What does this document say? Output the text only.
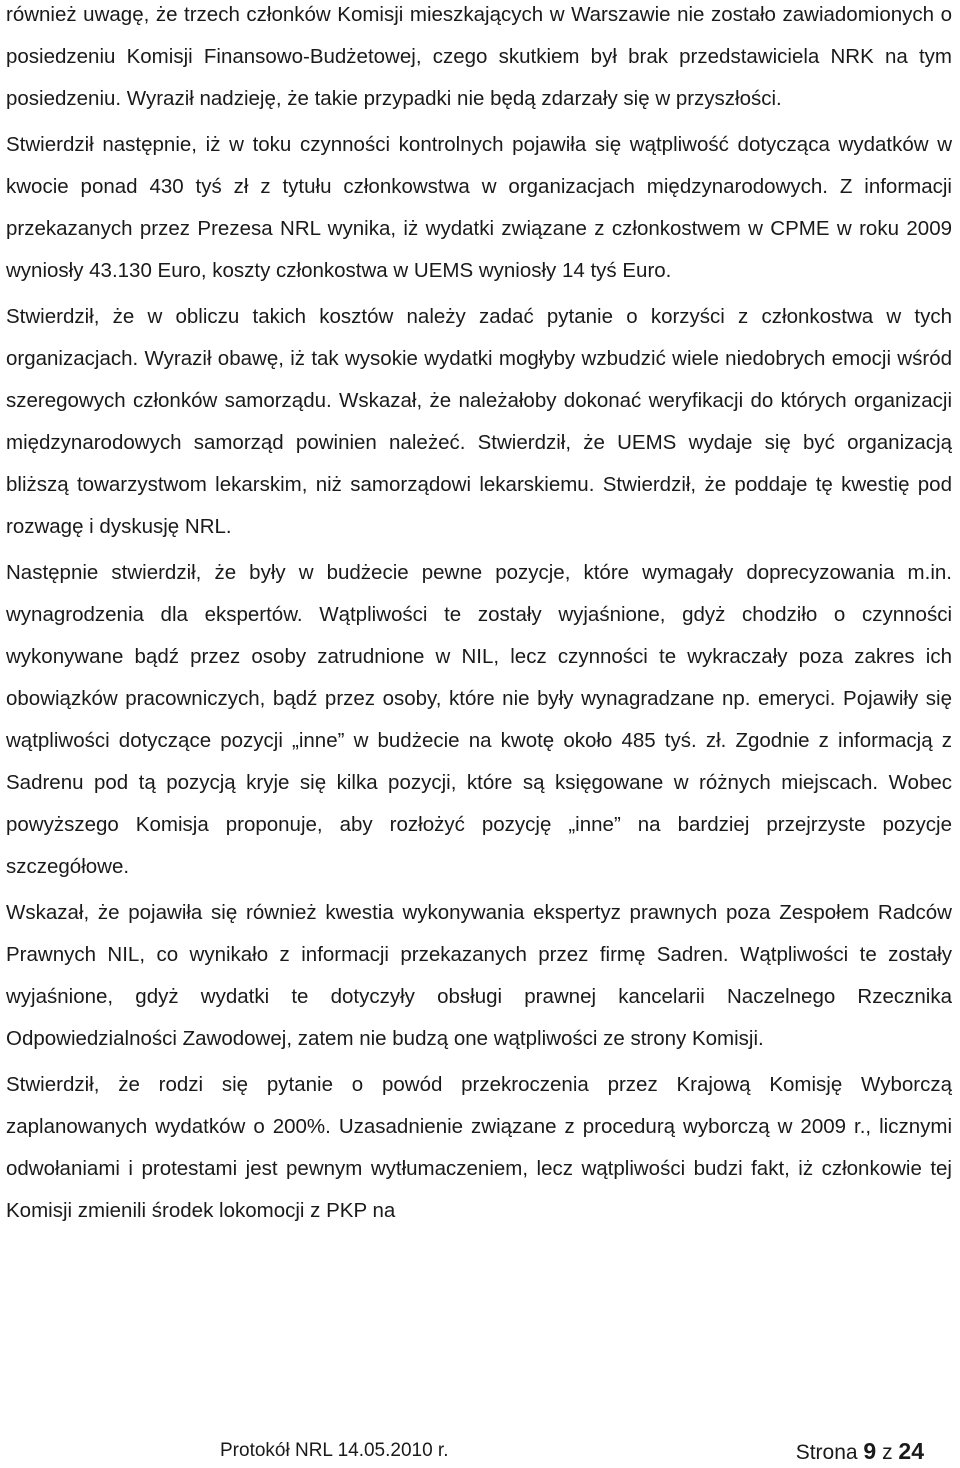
również uwagę, że trzech członków Komisji mieszkających w Warszawie nie zostało zawiadomionych o posiedzeniu Komisji Finansowo-Budżetowej, czego skutkiem był brak przedstawiciela NRK na tym posiedzeniu. Wyraził nadzieję, że takie przypadki nie będą zdarzały się w przyszłości.

Stwierdził następnie, iż w toku czynności kontrolnych pojawiła się wątpliwość dotycząca wydatków w kwocie ponad 430 tyś zł z tytułu członkowstwa w organizacjach międzynarodowych. Z informacji przekazanych przez Prezesa NRL wynika, iż wydatki związane z członkostwem w CPME w roku 2009 wyniosły 43.130 Euro, koszty członkostwa w UEMS wyniosły 14 tyś Euro.

Stwierdził, że w obliczu takich kosztów należy zadać pytanie o korzyści z członkostwa w tych organizacjach. Wyraził obawę, iż tak wysokie wydatki mogłyby wzbudzić wiele niedobrych emocji wśród szeregowych członków samorządu. Wskazał, że należałoby dokonać weryfikacji do których organizacji międzynarodowych samorząd powinien należeć. Stwierdził, że UEMS wydaje się być organizacją bliższą towarzystwom lekarskim, niż samorządowi lekarskiemu. Stwierdził, że poddaje tę kwestię pod rozwagę i dyskusję NRL.

Następnie stwierdził, że były w budżecie pewne pozycje, które wymagały doprecyzowania m.in. wynagrodzenia dla ekspertów. Wątpliwości te zostały wyjaśnione, gdyż chodziło o czynności wykonywane bądź przez osoby zatrudnione w NIL, lecz czynności te wykraczały poza zakres ich obowiązków pracowniczych, bądź przez osoby, które nie były wynagradzane np. emeryci. Pojawiły się wątpliwości dotyczące pozycji „inne” w budżecie na kwotę około 485 tyś. zł. Zgodnie z informacją z Sadrenu pod tą pozycją kryje się kilka pozycji, które są księgowane w różnych miejscach. Wobec powyższego Komisja proponuje, aby rozłożyć pozycję „inne” na bardziej przejrzyste pozycje szczegółowe.

Wskazał, że pojawiła się również kwestia wykonywania ekspertyz prawnych poza Zespołem Radców Prawnych NIL, co wynikało z informacji przekazanych przez firmę Sadren. Wątpliwości te zostały wyjaśnione, gdyż wydatki te dotyczyły obsługi prawnej kancelarii Naczelnego Rzecznika Odpowiedzialności Zawodowej, zatem nie budzą one wątpliwości ze strony Komisji.

Stwierdził, że rodzi się pytanie o powód przekroczenia przez Krajową Komisję Wyborczą zaplanowanych wydatków o 200%. Uzasadnienie związane z procedurą wyborczą w 2009 r., licznymi odwołaniami i protestami jest pewnym wytłumaczeniem, lecz wątpliwości budzi fakt, iż członkowie tej Komisji zmienili środek lokomocji z PKP na

Protokół NRL 14.05.2010 r.	Strona 9 z 24
